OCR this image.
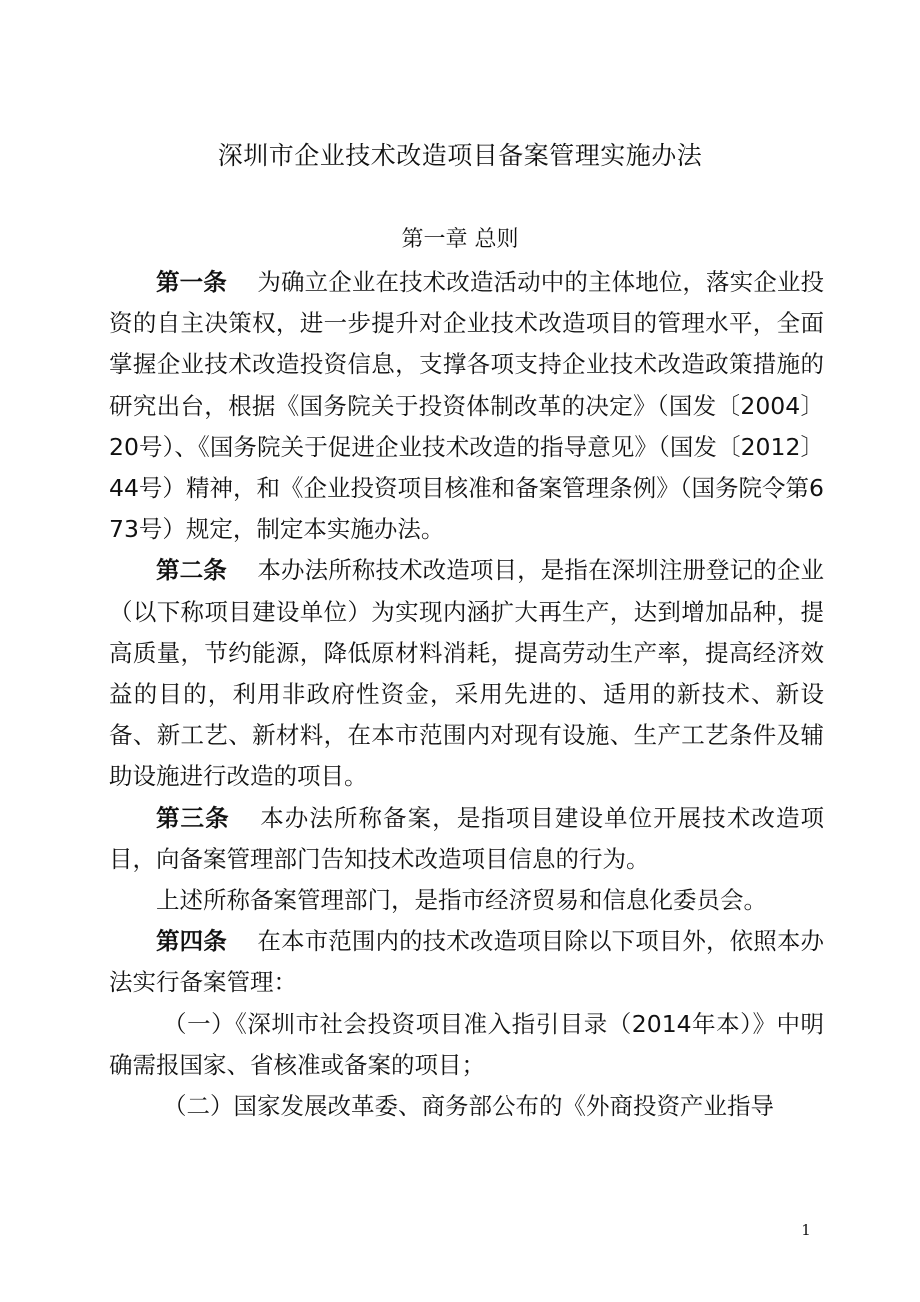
深圳市企业技术改造项目备案管理实施办法
第一章 总则

第一条 为确立企业在技术改造活动中的主体地位，落实企业投资的自主决策权，进一步提升对企业技术改造项目的管理水平，全面掌握企业技术改造投资信息，支撑各项支持企业技术改造政策措施的研究出台，根据《国务院关于投资体制改革的决定》（国发〔2004〕20号）、《国务院关于促进企业技术改造的指导意见》（国发〔2012〕44号）精神，和《企业投资项目核准和备案管理条例》（国务院令第673号）规定，制定本实施办法。

第二条 本办法所称技术改造项目，是指在深圳注册登记的企业（以下称项目建设单位）为实现内涵扩大再生产，达到增加品种，提高质量，节约能源，降低原材料消耗，提高劳动生产率，提高经济效益的目的，利用非政府性资金，采用先进的、适用的新技术、新设备、新工艺、新材料，在本市范围内对现有设施、生产工艺条件及辅助设施进行改造的项目。

第三条 本办法所称备案，是指项目建设单位开展技术改造项目，向备案管理部门告知技术改造项目信息的行为。

上述所称备案管理部门，是指市经济贸易和信息化委员会。

第四条 在本市范围内的技术改造项目除以下项目外，依照本办法实行备案管理：

（一）《深圳市社会投资项目准入指引目录（2014年本）》中明确需报国家、省核准或备案的项目；

（二）国家发展改革委、商务部公布的《外商投资产业指导

1
